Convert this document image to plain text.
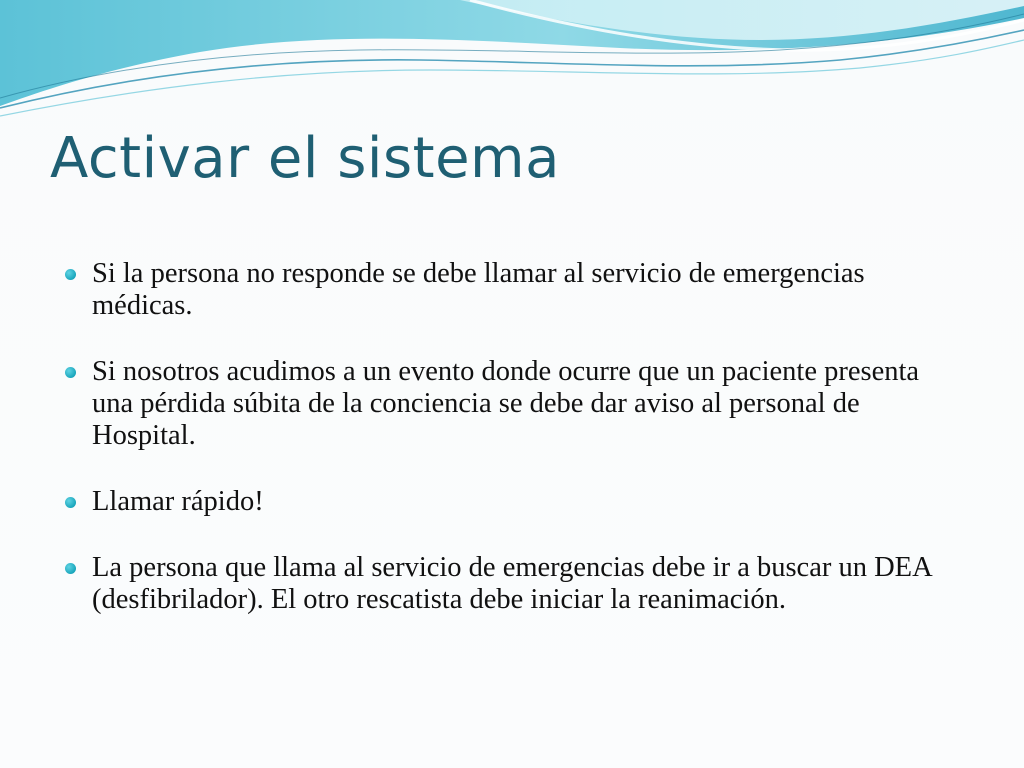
Activar el sistema
Si la persona no responde se debe llamar al servicio de emergencias médicas.
Si nosotros acudimos a un evento donde ocurre que un paciente presenta una pérdida súbita de la conciencia se debe dar aviso al personal de Hospital.
Llamar rápido!
La persona que llama al servicio de emergencias debe ir a buscar un DEA (desfibrilador). El otro rescatista debe iniciar la reanimación.
